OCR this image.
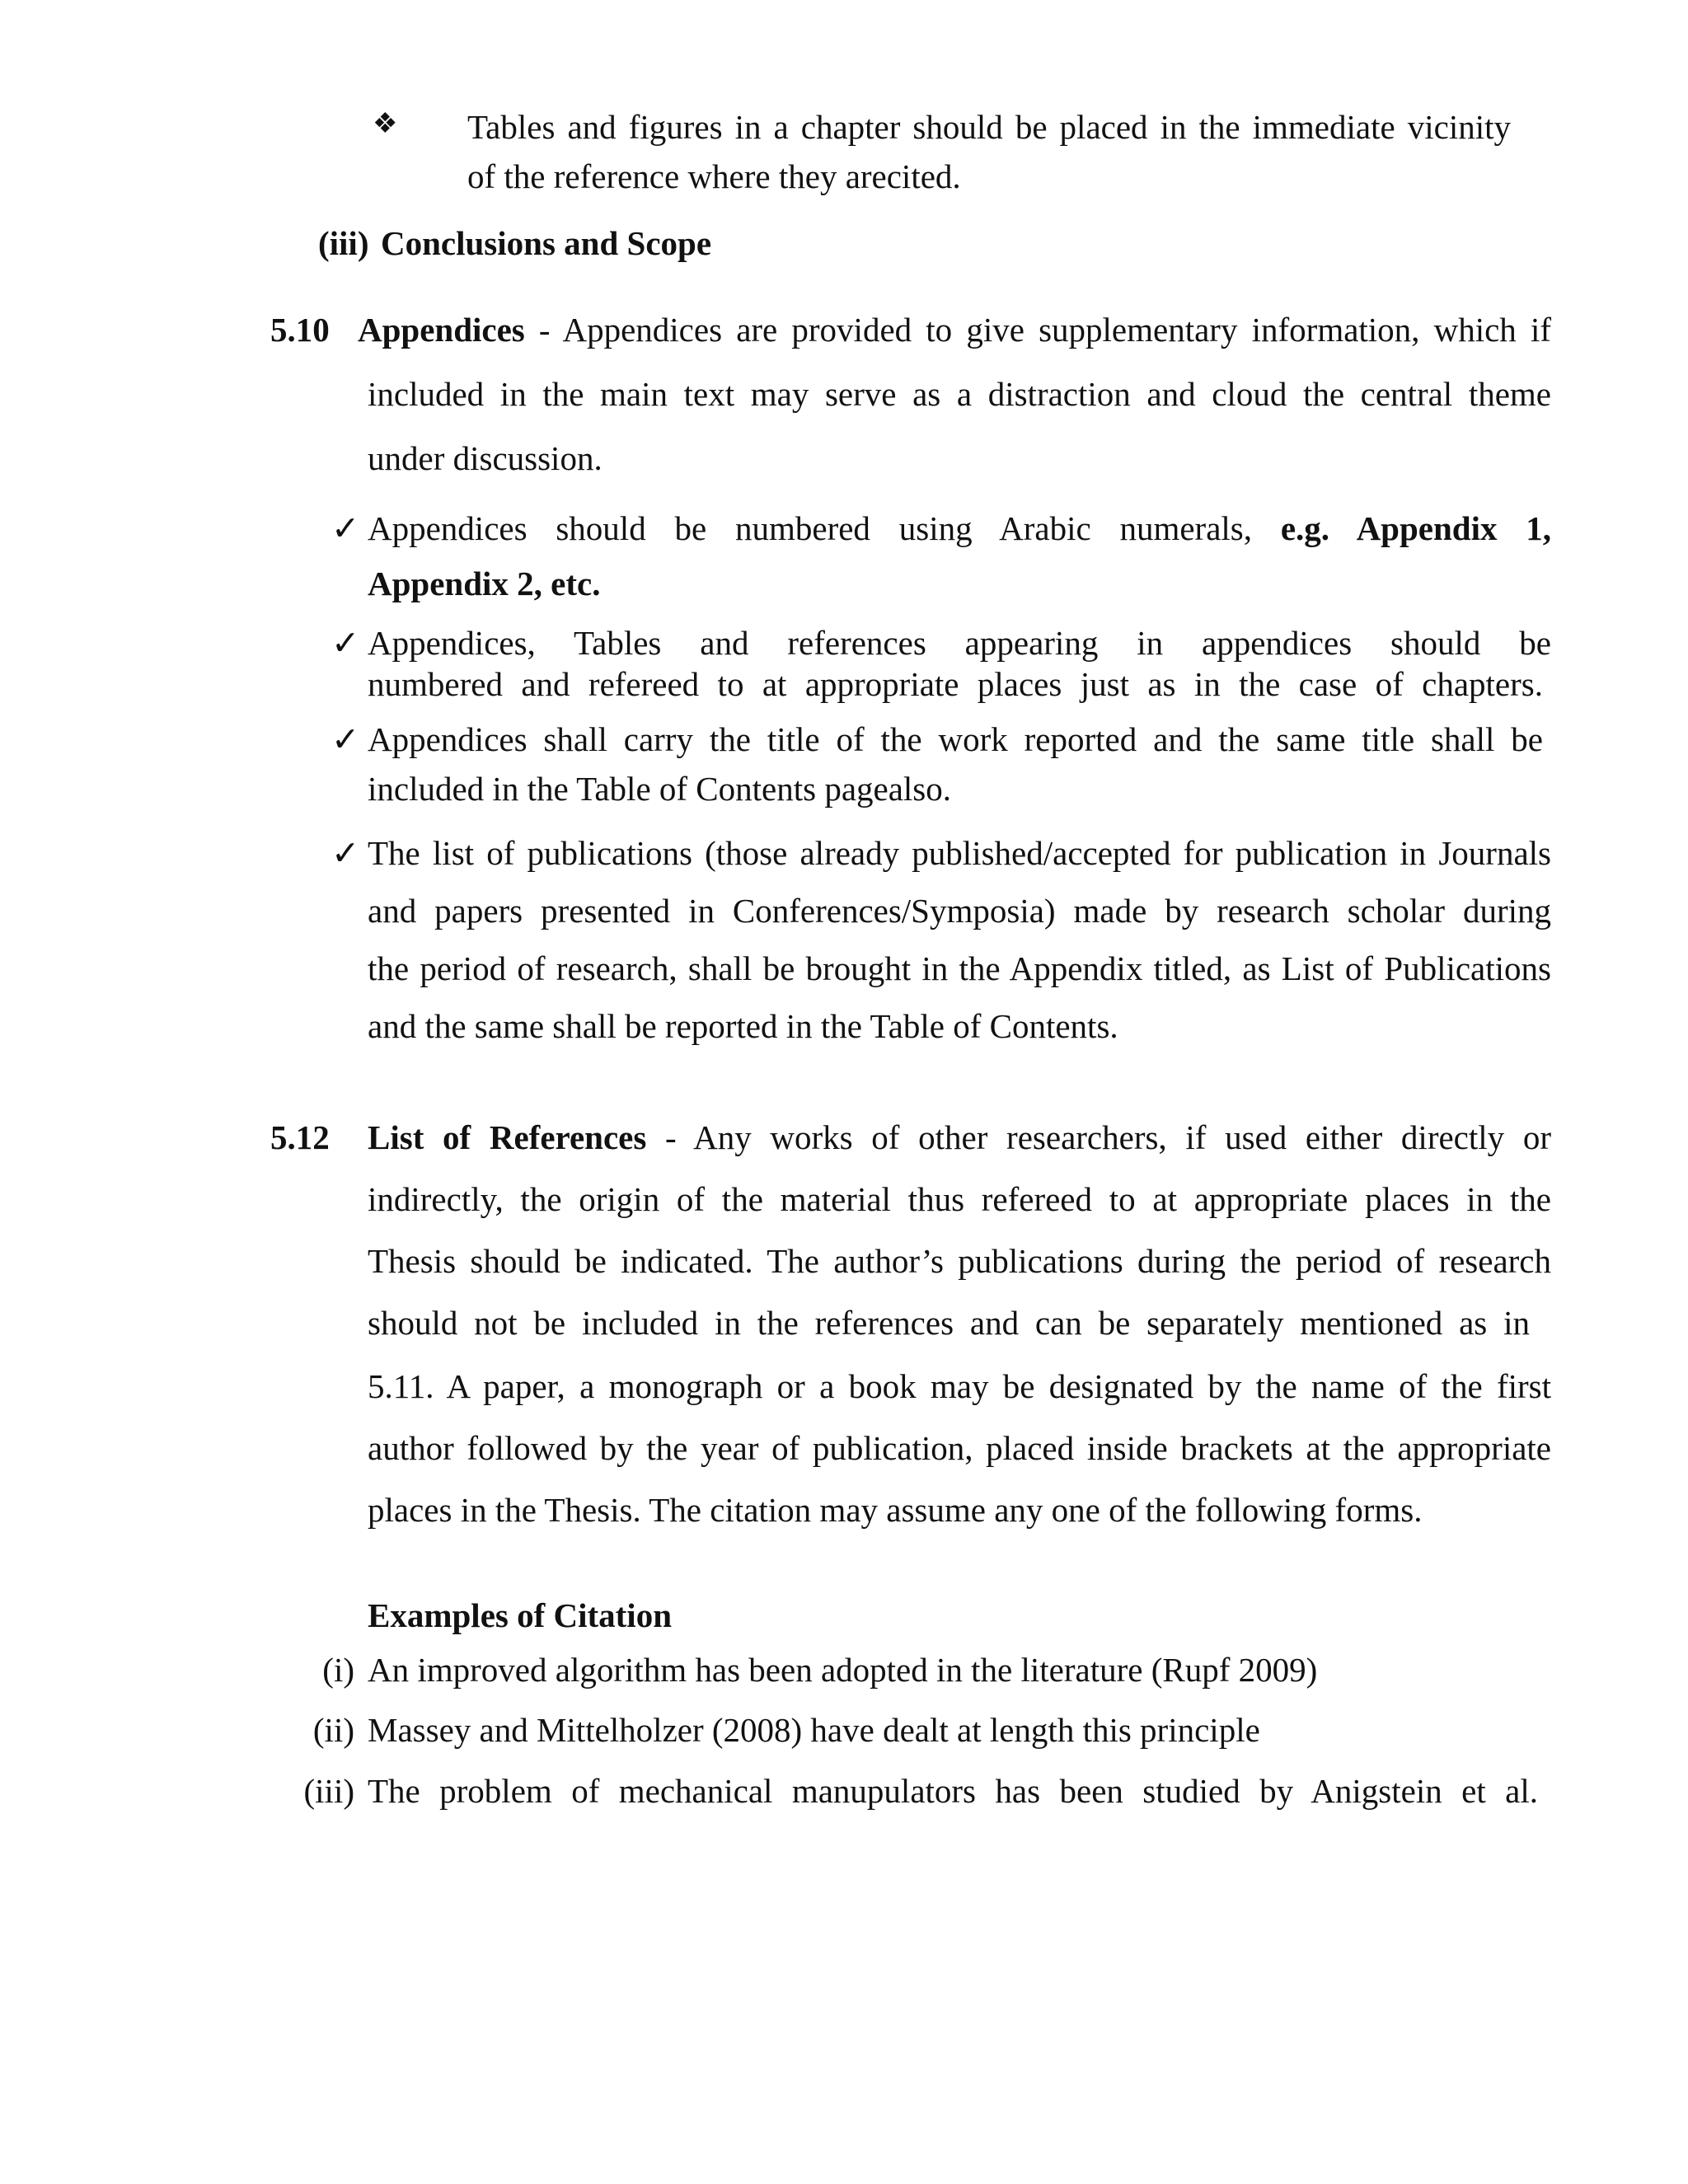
❖ Tables and figures in a chapter should be placed in the immediate vicinity
of the reference where they arecited.
(iii) Conclusions and Scope
5.10 Appendices - Appendices are provided to give supplementary information, which if
included in the main text may serve as a distraction and cloud the central theme
under discussion.
✓ Appendices should be numbered using Arabic numerals, e.g. Appendix 1,
Appendix 2, etc.
✓ Appendices, Tables and references appearing in appendices should be
numbered and refereed to at appropriate places just as in the case of chapters.
✓ Appendices shall carry the title of the work reported and the same title shall be
included in the Table of Contents pagealso.
✓ The list of publications (those already published/accepted for publication in Journals
and papers presented in Conferences/Symposia) made by research scholar during
the period of research, shall be brought in the Appendix titled, as List of Publications
and the same shall be reported in the Table of Contents.
5.12 List of References - Any works of other researchers, if used either directly or
indirectly, the origin of the material thus refereed to at appropriate places in the
Thesis should be indicated. The author’s publications during the period of research
should not be included in the references and can be separately mentioned as in
5.11. A paper, a monograph or a book may be designated by the name of the first
author followed by the year of publication, placed inside brackets at the appropriate
places in the Thesis. The citation may assume any one of the following forms.
Examples of Citation
(i) An improved algorithm has been adopted in the literature (Rupf 2009)
(ii) Massey and Mittelholzer (2008) have dealt at length this principle
(iii) The problem of mechanical manupulators has been studied by Anigstein et al.
